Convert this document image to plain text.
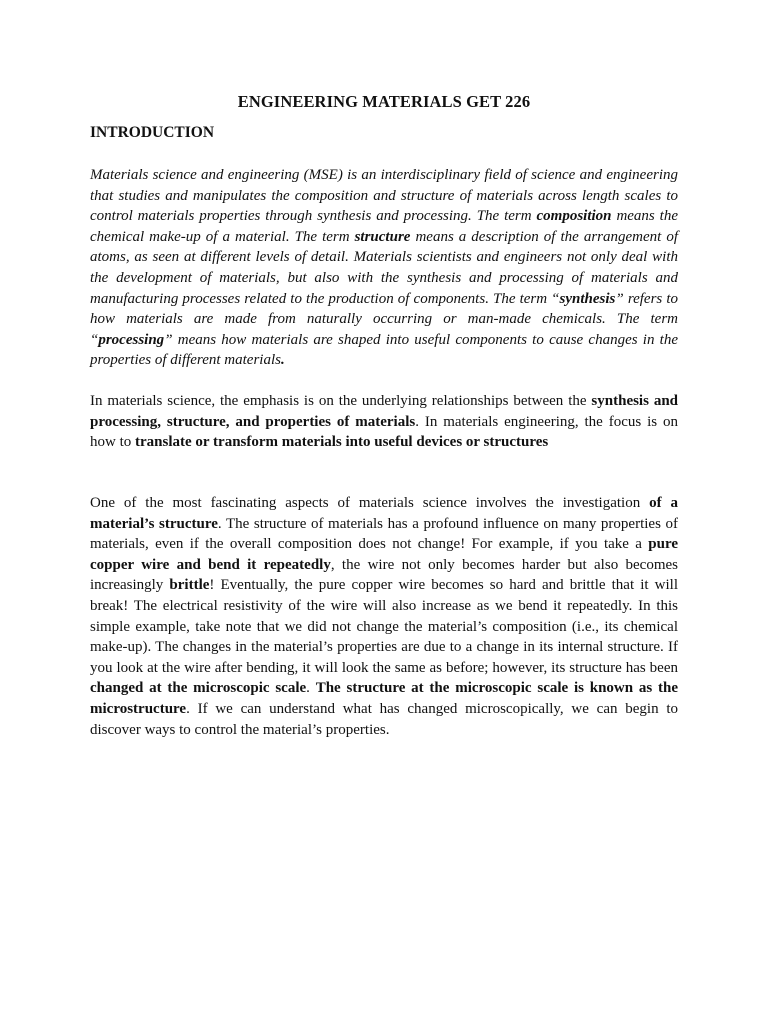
ENGINEERING MATERIALS GET 226
INTRODUCTION

Materials science and engineering (MSE) is an interdisciplinary field of science and engineering that studies and manipulates the composition and structure of materials across length scales to control materials properties through synthesis and processing. The term composition means the chemical make-up of a material. The term structure means a description of the arrangement of atoms, as seen at different levels of detail. Materials scientists and engineers not only deal with the development of materials, but also with the synthesis and processing of materials and manufacturing processes related to the production of components. The term “synthesis” refers to how materials are made from naturally occurring or man-made chemicals. The term “processing” means how materials are shaped into useful components to cause changes in the properties of different materials.

In materials science, the emphasis is on the underlying relationships between the synthesis and processing, structure, and properties of materials. In materials engineering, the focus is on how to translate or transform materials into useful devices or structures

One of the most fascinating aspects of materials science involves the investigation of a material’s structure. The structure of materials has a profound influence on many properties of materials, even if the overall composition does not change! For example, if you take a pure copper wire and bend it repeatedly, the wire not only becomes harder but also becomes increasingly brittle! Eventually, the pure copper wire becomes so hard and brittle that it will break! The electrical resistivity of the wire will also increase as we bend it repeatedly. In this simple example, take note that we did not change the material’s composition (i.e., its chemical make-up). The changes in the material’s properties are due to a change in its internal structure. If you look at the wire after bending, it will look the same as before; however, its structure has been changed at the microscopic scale. The structure at the microscopic scale is known as the microstructure. If we can understand what has changed microscopically, we can begin to discover ways to control the material’s properties.
